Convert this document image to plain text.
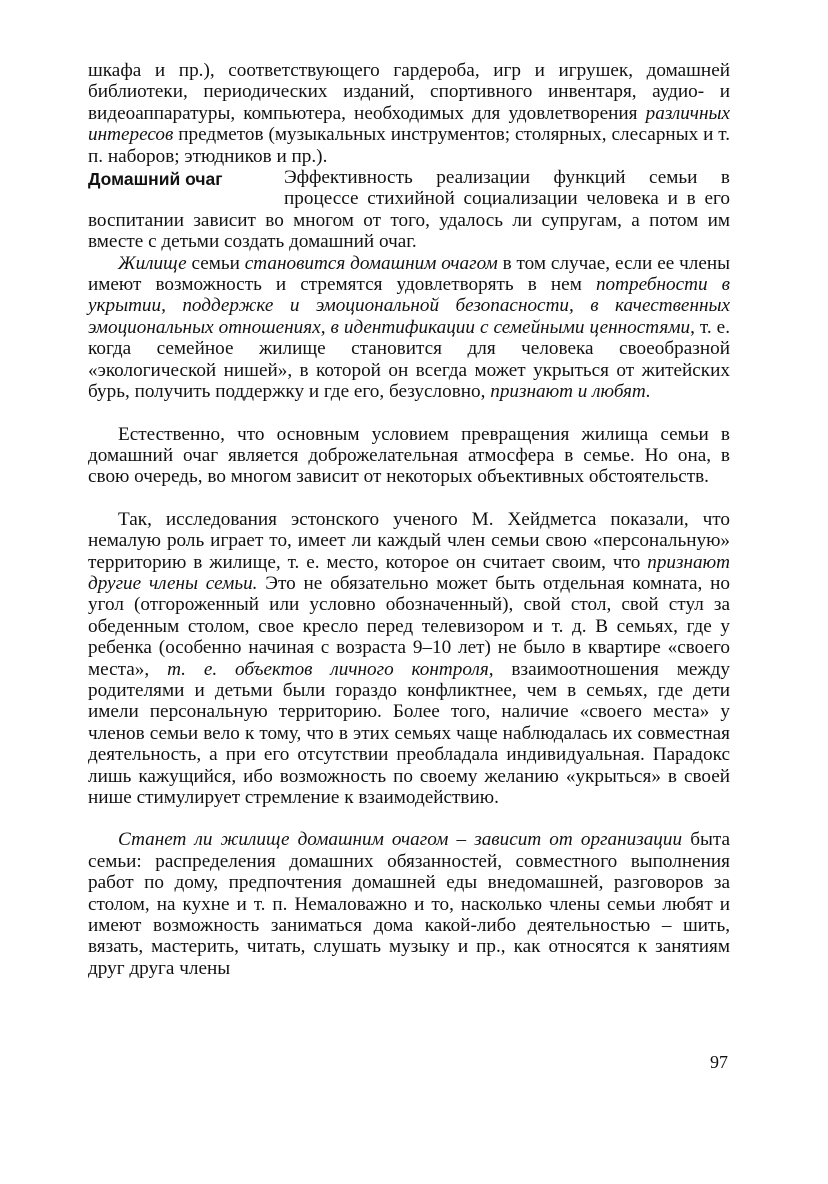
шкафа и пр.), соответствующего гардероба, игр и игрушек, домашней библиотеки, периодических изданий, спортивного инвентаря, аудио- и видеоаппаратуры, компьютера, необходимых для удовлетворения различных интересов предметов (музыкальных инструментов; столярных, слесарных и т. п. наборов; этюдников и пр.).

Домашний очаг	Эффективность реализации функций семьи в процессе стихийной социализации человека и в его воспитании зависит во многом от того, удалось ли супругам, а потом им вместе с детьми создать домашний очаг.

Жилище семьи становится домашним очагом в том случае, если ее члены имеют возможность и стремятся удовлетворять в нем потребности в укрытии, поддержке и эмоциональной безопасности, в качественных эмоциональных отношениях, в идентификации с семейными ценностями, т. е. когда семейное жилище становится для человека своеобразной «экологической нишей», в которой он всегда может укрыться от житейских бурь, получить поддержку и где его, безусловно, признают и любят.

Естественно, что основным условием превращения жилища семьи в домашний очаг является доброжелательная атмосфера в семье. Но она, в свою очередь, во многом зависит от некоторых объективных обстоятельств.

Так, исследования эстонского ученого М. Хейдметса показали, что немалую роль играет то, имеет ли каждый член семьи свою «персональную» территорию в жилище, т. е. место, которое он считает своим, что признают другие члены семьи. Это не обязательно может быть отдельная комната, но угол (отгороженный или условно обозначенный), свой стол, свой стул за обеденным столом, свое кресло перед телевизором и т. д. В семьях, где у ребенка (особенно начиная с возраста 9–10 лет) не было в квартире «своего места», т. е. объектов личного контроля, взаимоотношения между родителями и детьми были гораздо конфликтнее, чем в семьях, где дети имели персональную территорию. Более того, наличие «своего места» у членов семьи вело к тому, что в этих семьях чаще наблюдалась их совместная деятельность, а при его отсутствии преобладала индивидуальная. Парадокс лишь кажущийся, ибо возможность по своему желанию «укрыться» в своей нише стимулирует стремление к взаимодействию.

Станет ли жилище домашним очагом – зависит от организации быта семьи: распределения домашних обязанностей, совместного выполнения работ по дому, предпочтения домашней еды внедомашней, разговоров за столом, на кухне и т. п. Немаловажно и то, насколько члены семьи любят и имеют возможность заниматься дома какой-либо деятельностью – шить, вязать, мастерить, читать, слушать музыку и пр., как относятся к занятиям друг друга члены

97
